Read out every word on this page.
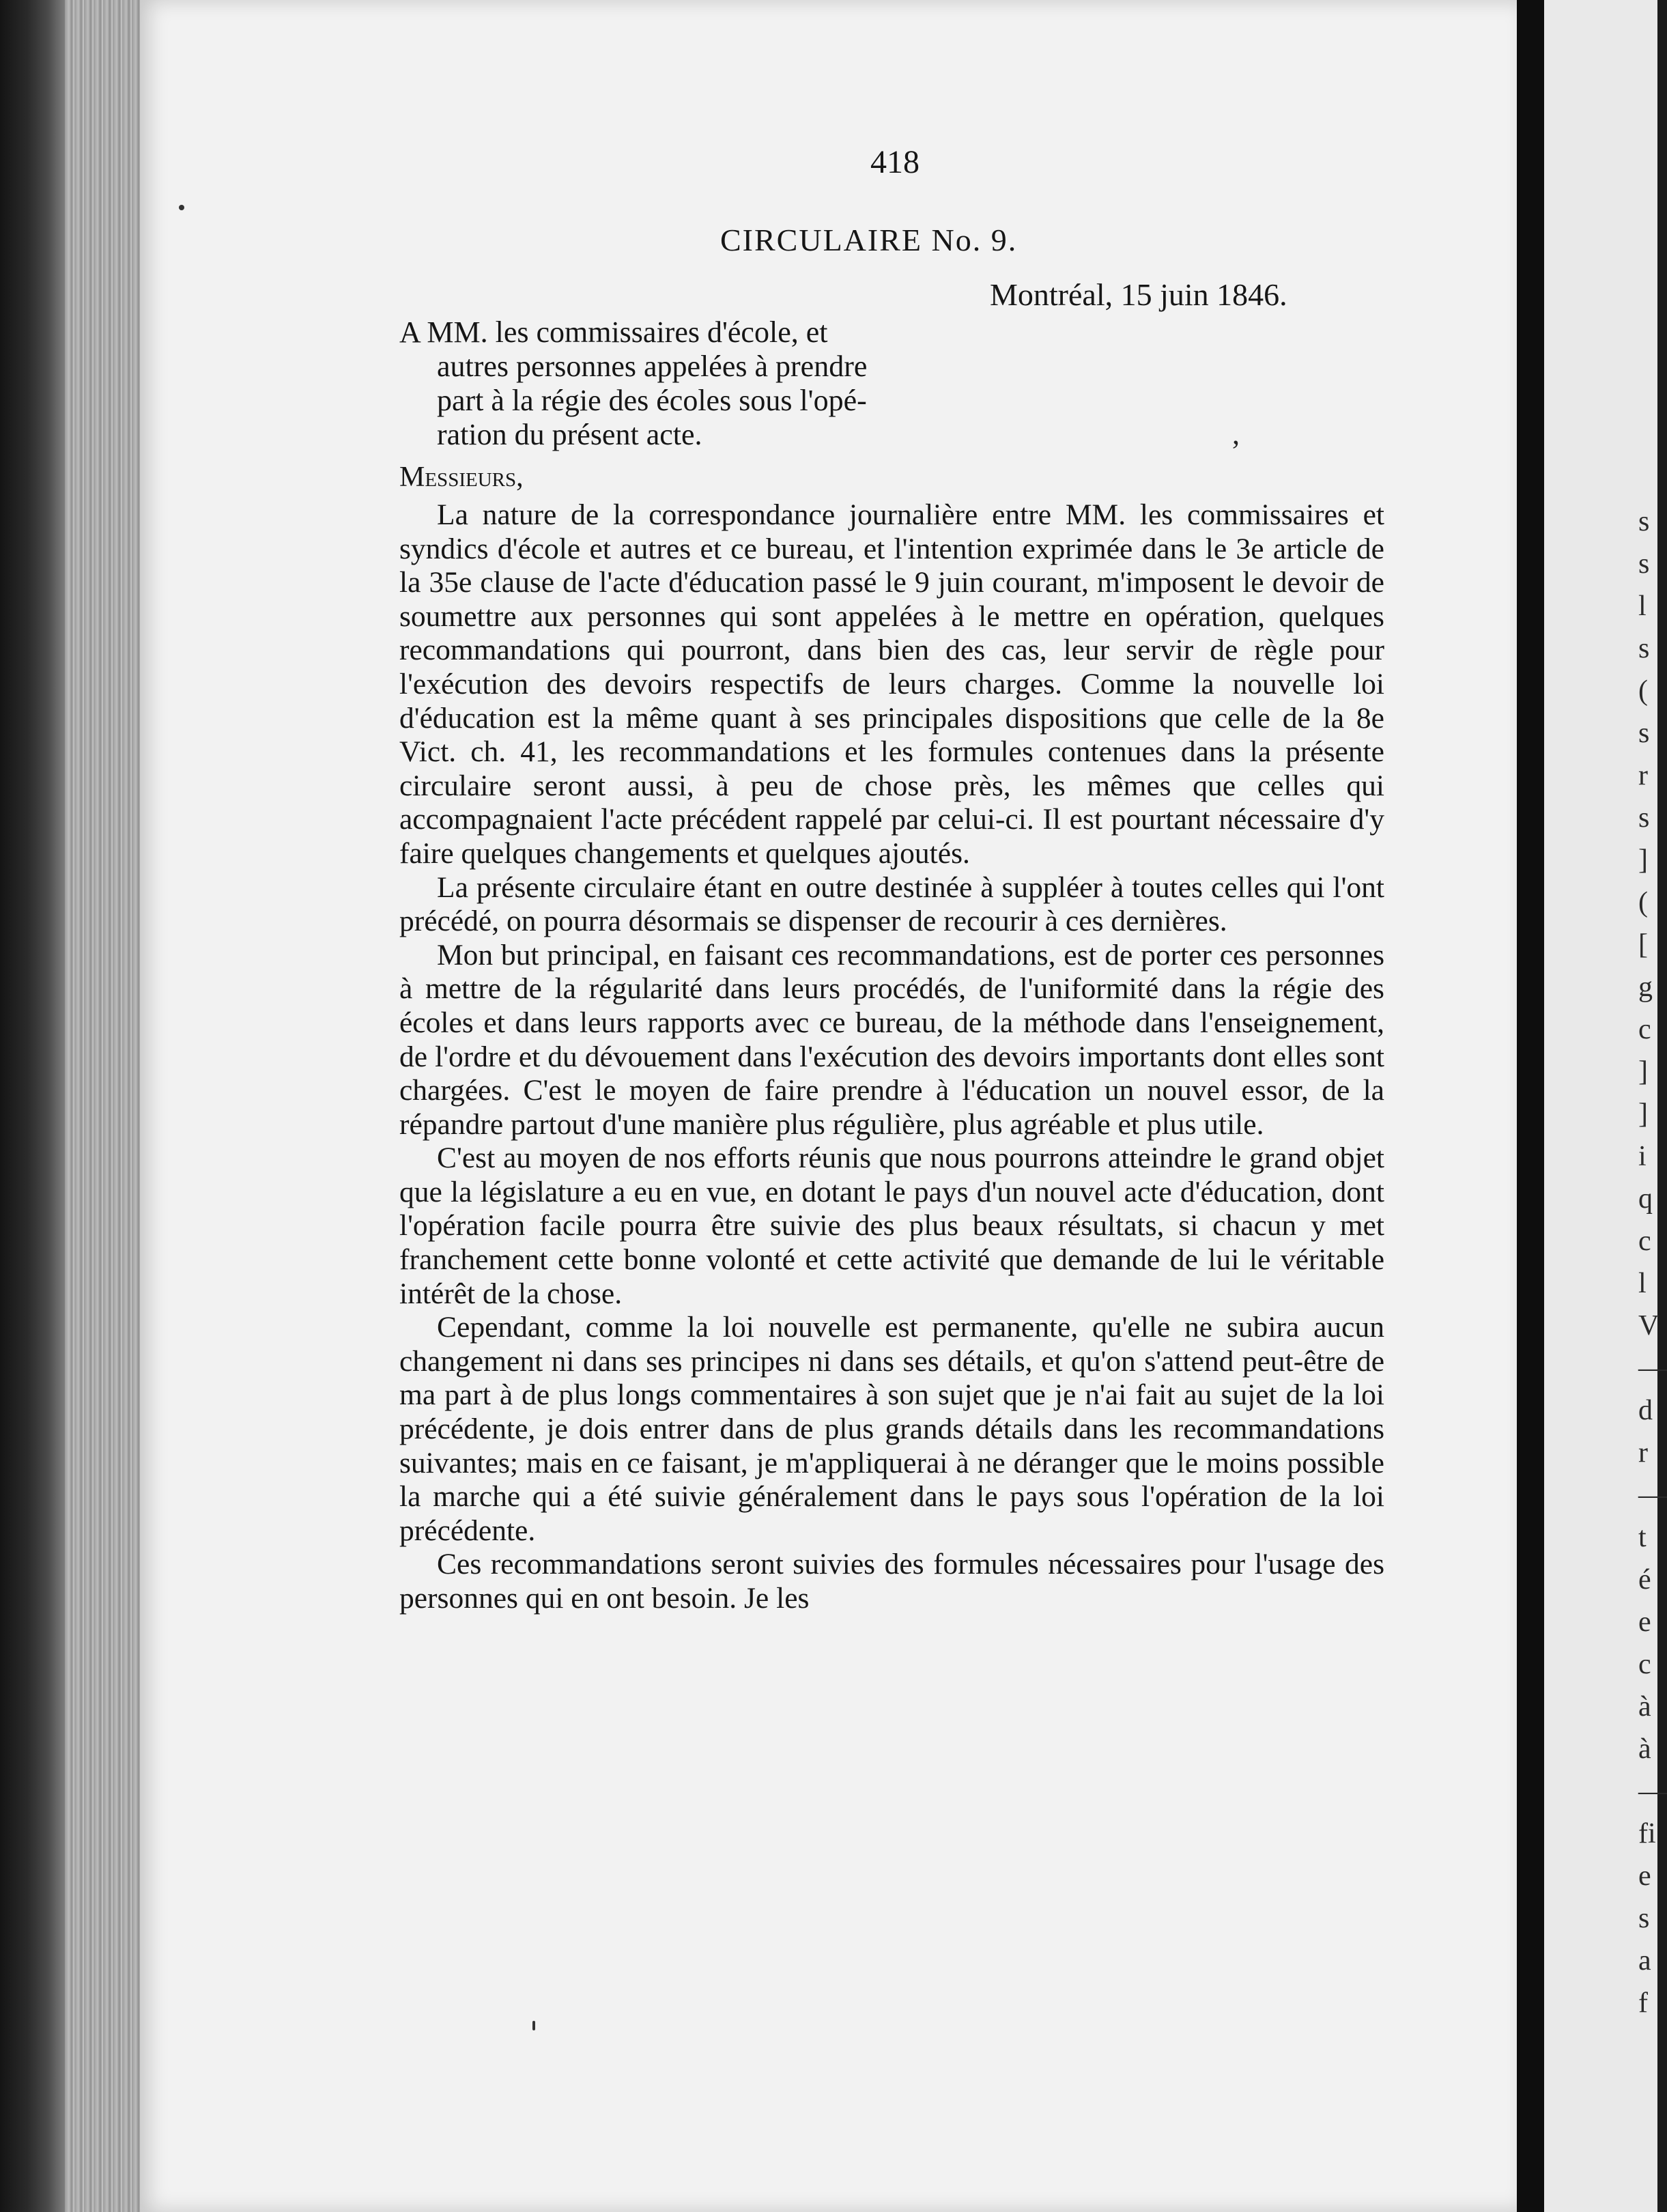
s
s
l
s
(
s
r
s
]
(
[
g
c
]
]
i
q
c
l
V
—
d
r
—
t
é
e
c
à
à
—
fi
e
s
a
f
418
CIRCULAIRE No. 9.
Montréal, 15 juin 1846.
A MM. les commissaires d'école, et

autres personnes appelées à prendre
part à la régie des écoles sous l'opé-
ration du présent acte.	,
Messieurs,

La nature de la correspondance journalière entre MM. les commissaires et syndics d'école et autres et ce bureau, et l'intention exprimée dans le 3e article de la 35e clause de l'acte d'éducation passé le 9 juin courant, m'imposent le devoir de soumettre aux personnes qui sont appelées à le mettre en opération, quelques recommandations qui pourront, dans bien des cas, leur servir de règle pour l'exécution des devoirs respectifs de leurs charges. Comme la nouvelle loi d'éducation est la même quant à ses principales dispositions que celle de la 8e Vict. ch. 41, les recommandations et les formules contenues dans la présente circulaire seront aussi, à peu de chose près, les mêmes que celles qui accompagnaient l'acte précédent rappelé par celui-ci. Il est pourtant nécessaire d'y faire quelques changements et quelques ajoutés.

La présente circulaire étant en outre destinée à suppléer à toutes celles qui l'ont précédé, on pourra désormais se dispenser de recourir à ces dernières.

Mon but principal, en faisant ces recommandations, est de porter ces personnes à mettre de la régularité dans leurs procédés, de l'uniformité dans la régie des écoles et dans leurs rapports avec ce bureau, de la méthode dans l'enseignement, de l'ordre et du dévouement dans l'exécution des devoirs importants dont elles sont chargées. C'est le moyen de faire prendre à l'éducation un nouvel essor, de la répandre partout d'une manière plus régulière, plus agréable et plus utile.

C'est au moyen de nos efforts réunis que nous pourrons atteindre le grand objet que la législature a eu en vue, en dotant le pays d'un nouvel acte d'éducation, dont l'opération facile pourra être suivie des plus beaux résultats, si chacun y met franchement cette bonne volonté et cette activité que demande de lui le véritable intérêt de la chose.

Cependant, comme la loi nouvelle est permanente, qu'elle ne subira aucun changement ni dans ses principes ni dans ses détails, et qu'on s'attend peut-être de ma part à de plus longs commentaires à son sujet que je n'ai fait au sujet de la loi précédente, je dois entrer dans de plus grands détails dans les recommandations suivantes; mais en ce faisant, je m'appliquerai à ne déranger que le moins possible la marche qui a été suivie généralement dans le pays sous l'opération de la loi précédente.

Ces recommandations seront suivies des formules nécessaires pour l'usage des personnes qui en ont besoin. Je les
